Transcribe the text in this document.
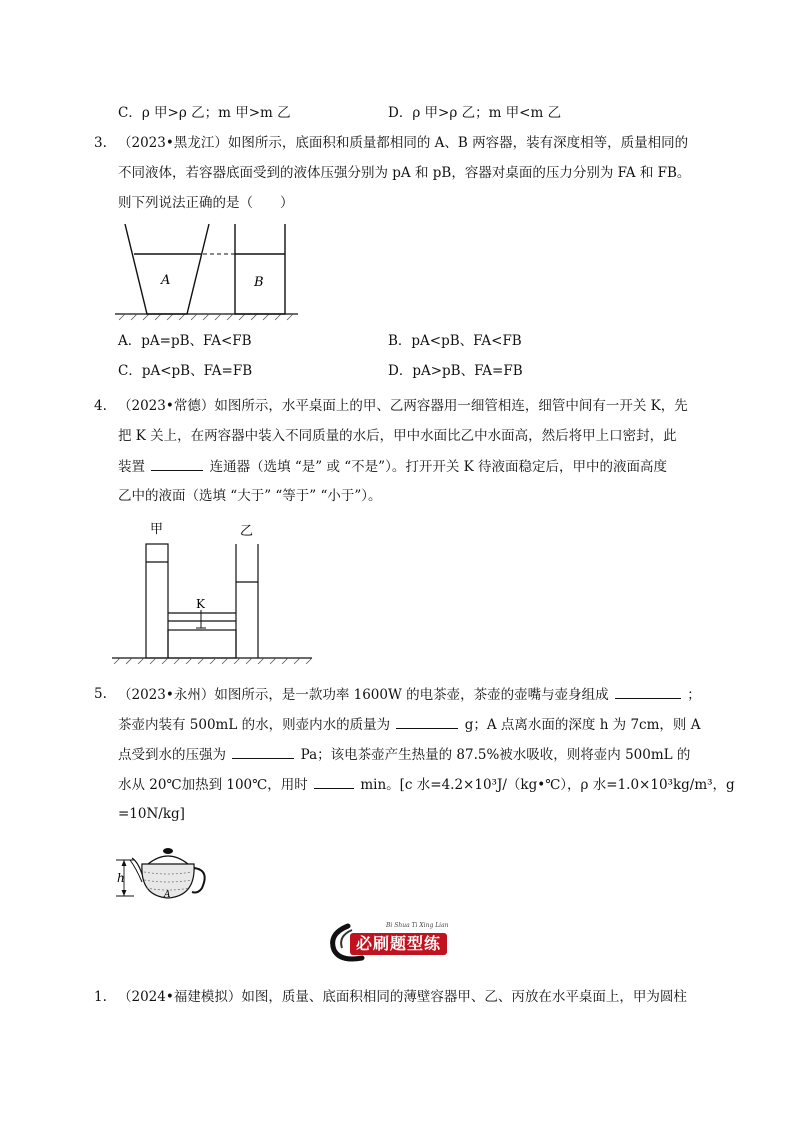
C．ρ 甲>ρ 乙；m 甲>m 乙	D．ρ 甲>ρ 乙；m 甲<m 乙
3. （2023•黑龙江）如图所示，底面积和质量都相同的 A、B 两容器，装有深度相等，质量相同的
不同液体，若容器底面受到的液体压强分别为 pA 和 pB，容器对桌面的压力分别为 FA 和 FB。
则下列说法正确的是（　　）
A	B
A．pA=pB、FA<FB	B．pA<pB、FA<FB
C．pA<pB、FA=FB	D．pA>pB、FA=FB
4. （2023•常德）如图所示，水平桌面上的甲、乙两容器用一细管相连，细管中间有一开关 K，先
把 K 关上，在两容器中装入不同质量的水后，甲中水面比乙中水面高，然后将甲上口密封，此
装置	连通器（选填 “是” 或 “不是”）。打开开关 K 待液面稳定后，甲中的液面高度
乙中的液面（选填 “大于” “等于” “小于”）。
甲	乙
K
5. （2023•永州）如图所示，是一款功率 1600W 的电茶壶，茶壶的壶嘴与壶身组成	；
茶壶内装有 500mL 的水，则壶内水的质量为	g；A 点离水面的深度 h 为 7cm，则 A
点受到水的压强为	Pa；该电茶壶产生热量的 87.5%被水吸收，则将壶内 500mL 的
水从 20℃加热到 100℃，用时	min。[c 水=4.2×10³J/（kg•℃），ρ 水=1.0×10³kg/m³，g
=10N/kg]
h
A
必刷题型练
Bi Shua Ti Xing Lian
1. （2024•福建模拟）如图，质量、底面积相同的薄壁容器甲、乙、丙放在水平桌面上，甲为圆柱
